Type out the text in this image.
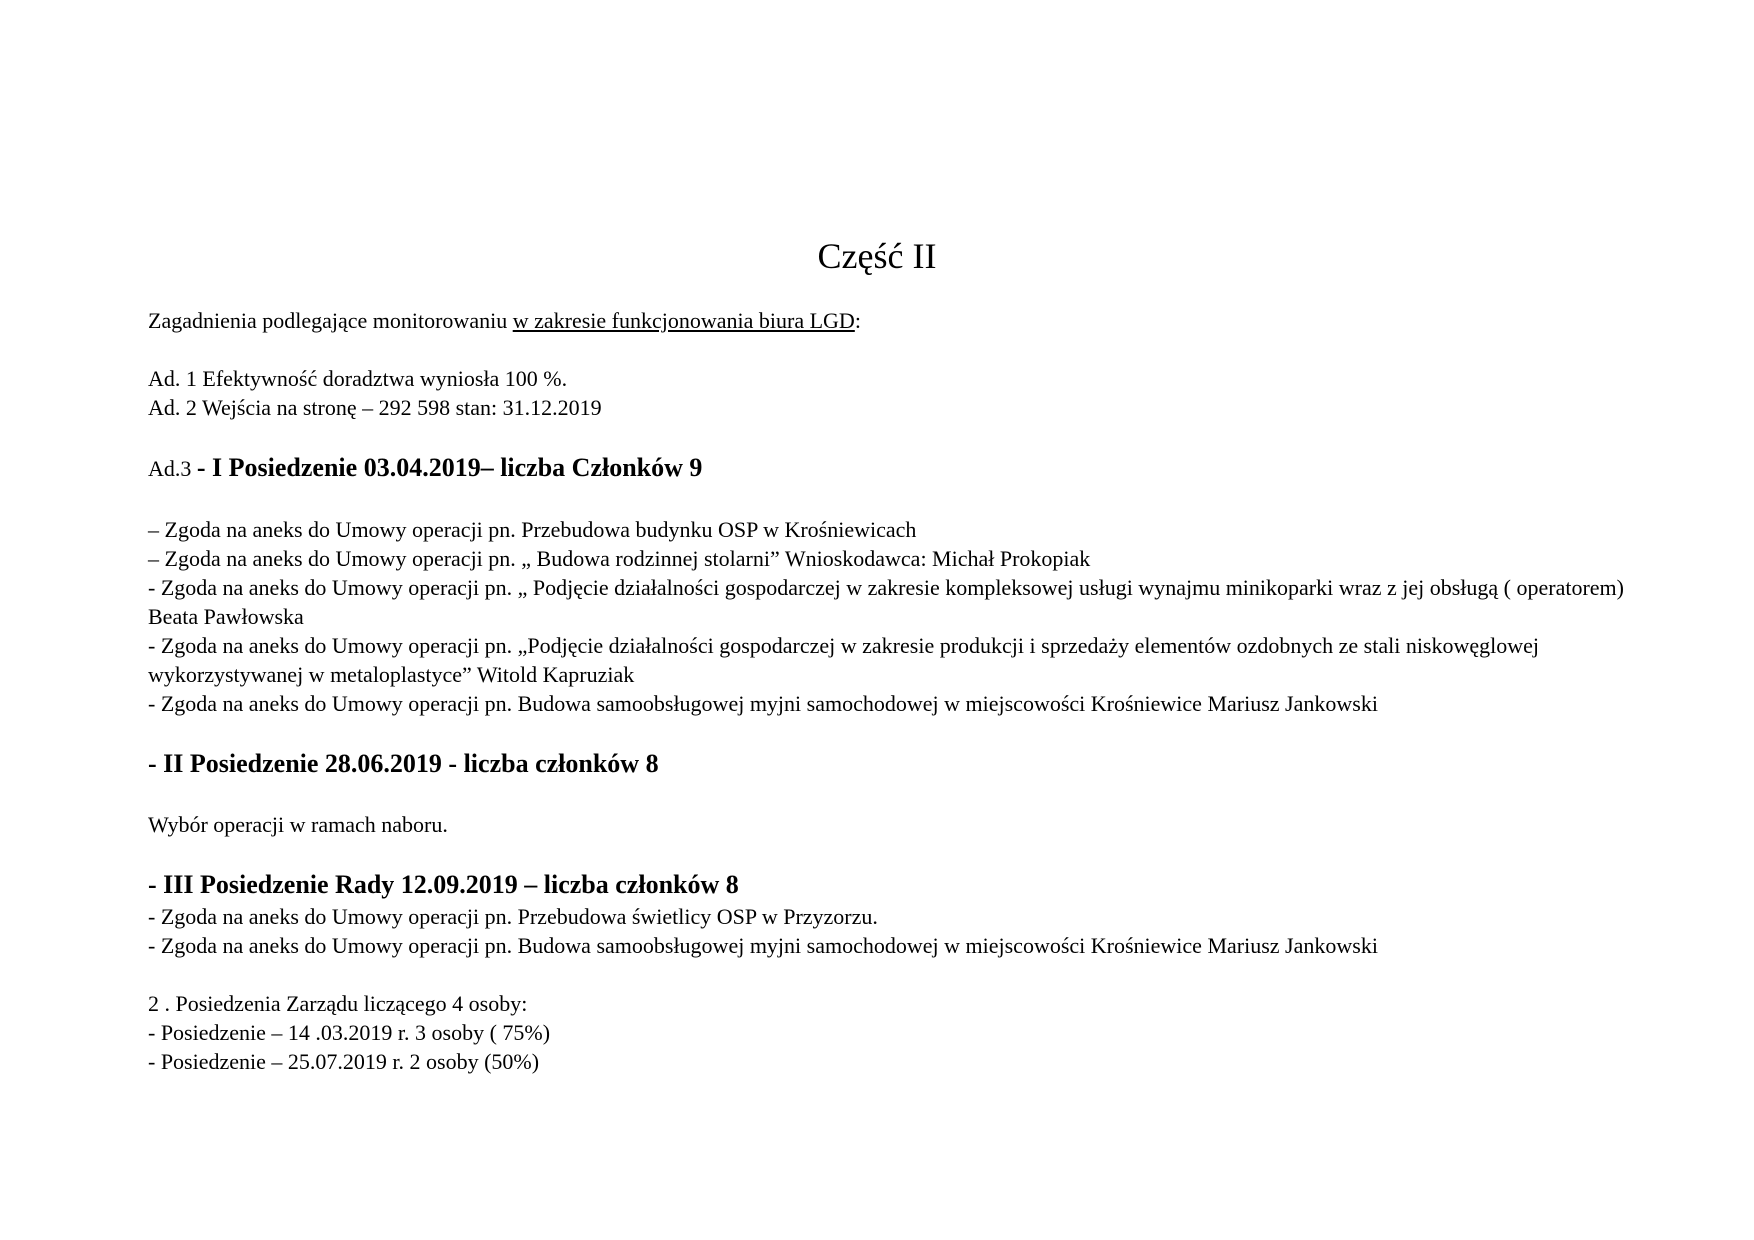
Część II

Zagadnienia podlegające monitorowaniu w zakresie funkcjonowania biura LGD:

Ad. 1 Efektywność doradztwa wyniosła 100 %.

Ad. 2 Wejścia na stronę – 292 598 stan: 31.12.2019

Ad.3 - I Posiedzenie 03.04.2019– liczba Członków 9

– Zgoda na aneks do Umowy operacji pn. Przebudowa budynku OSP w Krośniewicach

– Zgoda na aneks do Umowy operacji pn. „ Budowa rodzinnej stolarni” Wnioskodawca: Michał Prokopiak

- Zgoda na aneks do Umowy operacji pn. „ Podjęcie działalności gospodarczej w zakresie kompleksowej usługi wynajmu minikoparki wraz z jej obsługą ( operatorem) Beata Pawłowska

- Zgoda na aneks do Umowy operacji pn. „Podjęcie działalności gospodarczej w zakresie produkcji i sprzedaży elementów ozdobnych ze stali niskowęglowej wykorzystywanej w metaloplastyce” Witold Kapruziak

- Zgoda na aneks do Umowy operacji pn. Budowa samoobsługowej myjni samochodowej w miejscowości Krośniewice Mariusz Jankowski

- II Posiedzenie 28.06.2019 - liczba członków 8

Wybór operacji w ramach naboru.

- III Posiedzenie Rady 12.09.2019 – liczba członków 8

- Zgoda na aneks do Umowy operacji pn. Przebudowa świetlicy OSP w Przyzorzu.

- Zgoda na aneks do Umowy operacji pn. Budowa samoobsługowej myjni samochodowej w miejscowości Krośniewice Mariusz Jankowski

2 . Posiedzenia Zarządu liczącego 4 osoby:

- Posiedzenie – 14 .03.2019 r. 3 osoby ( 75%)

- Posiedzenie – 25.07.2019 r. 2 osoby (50%)
